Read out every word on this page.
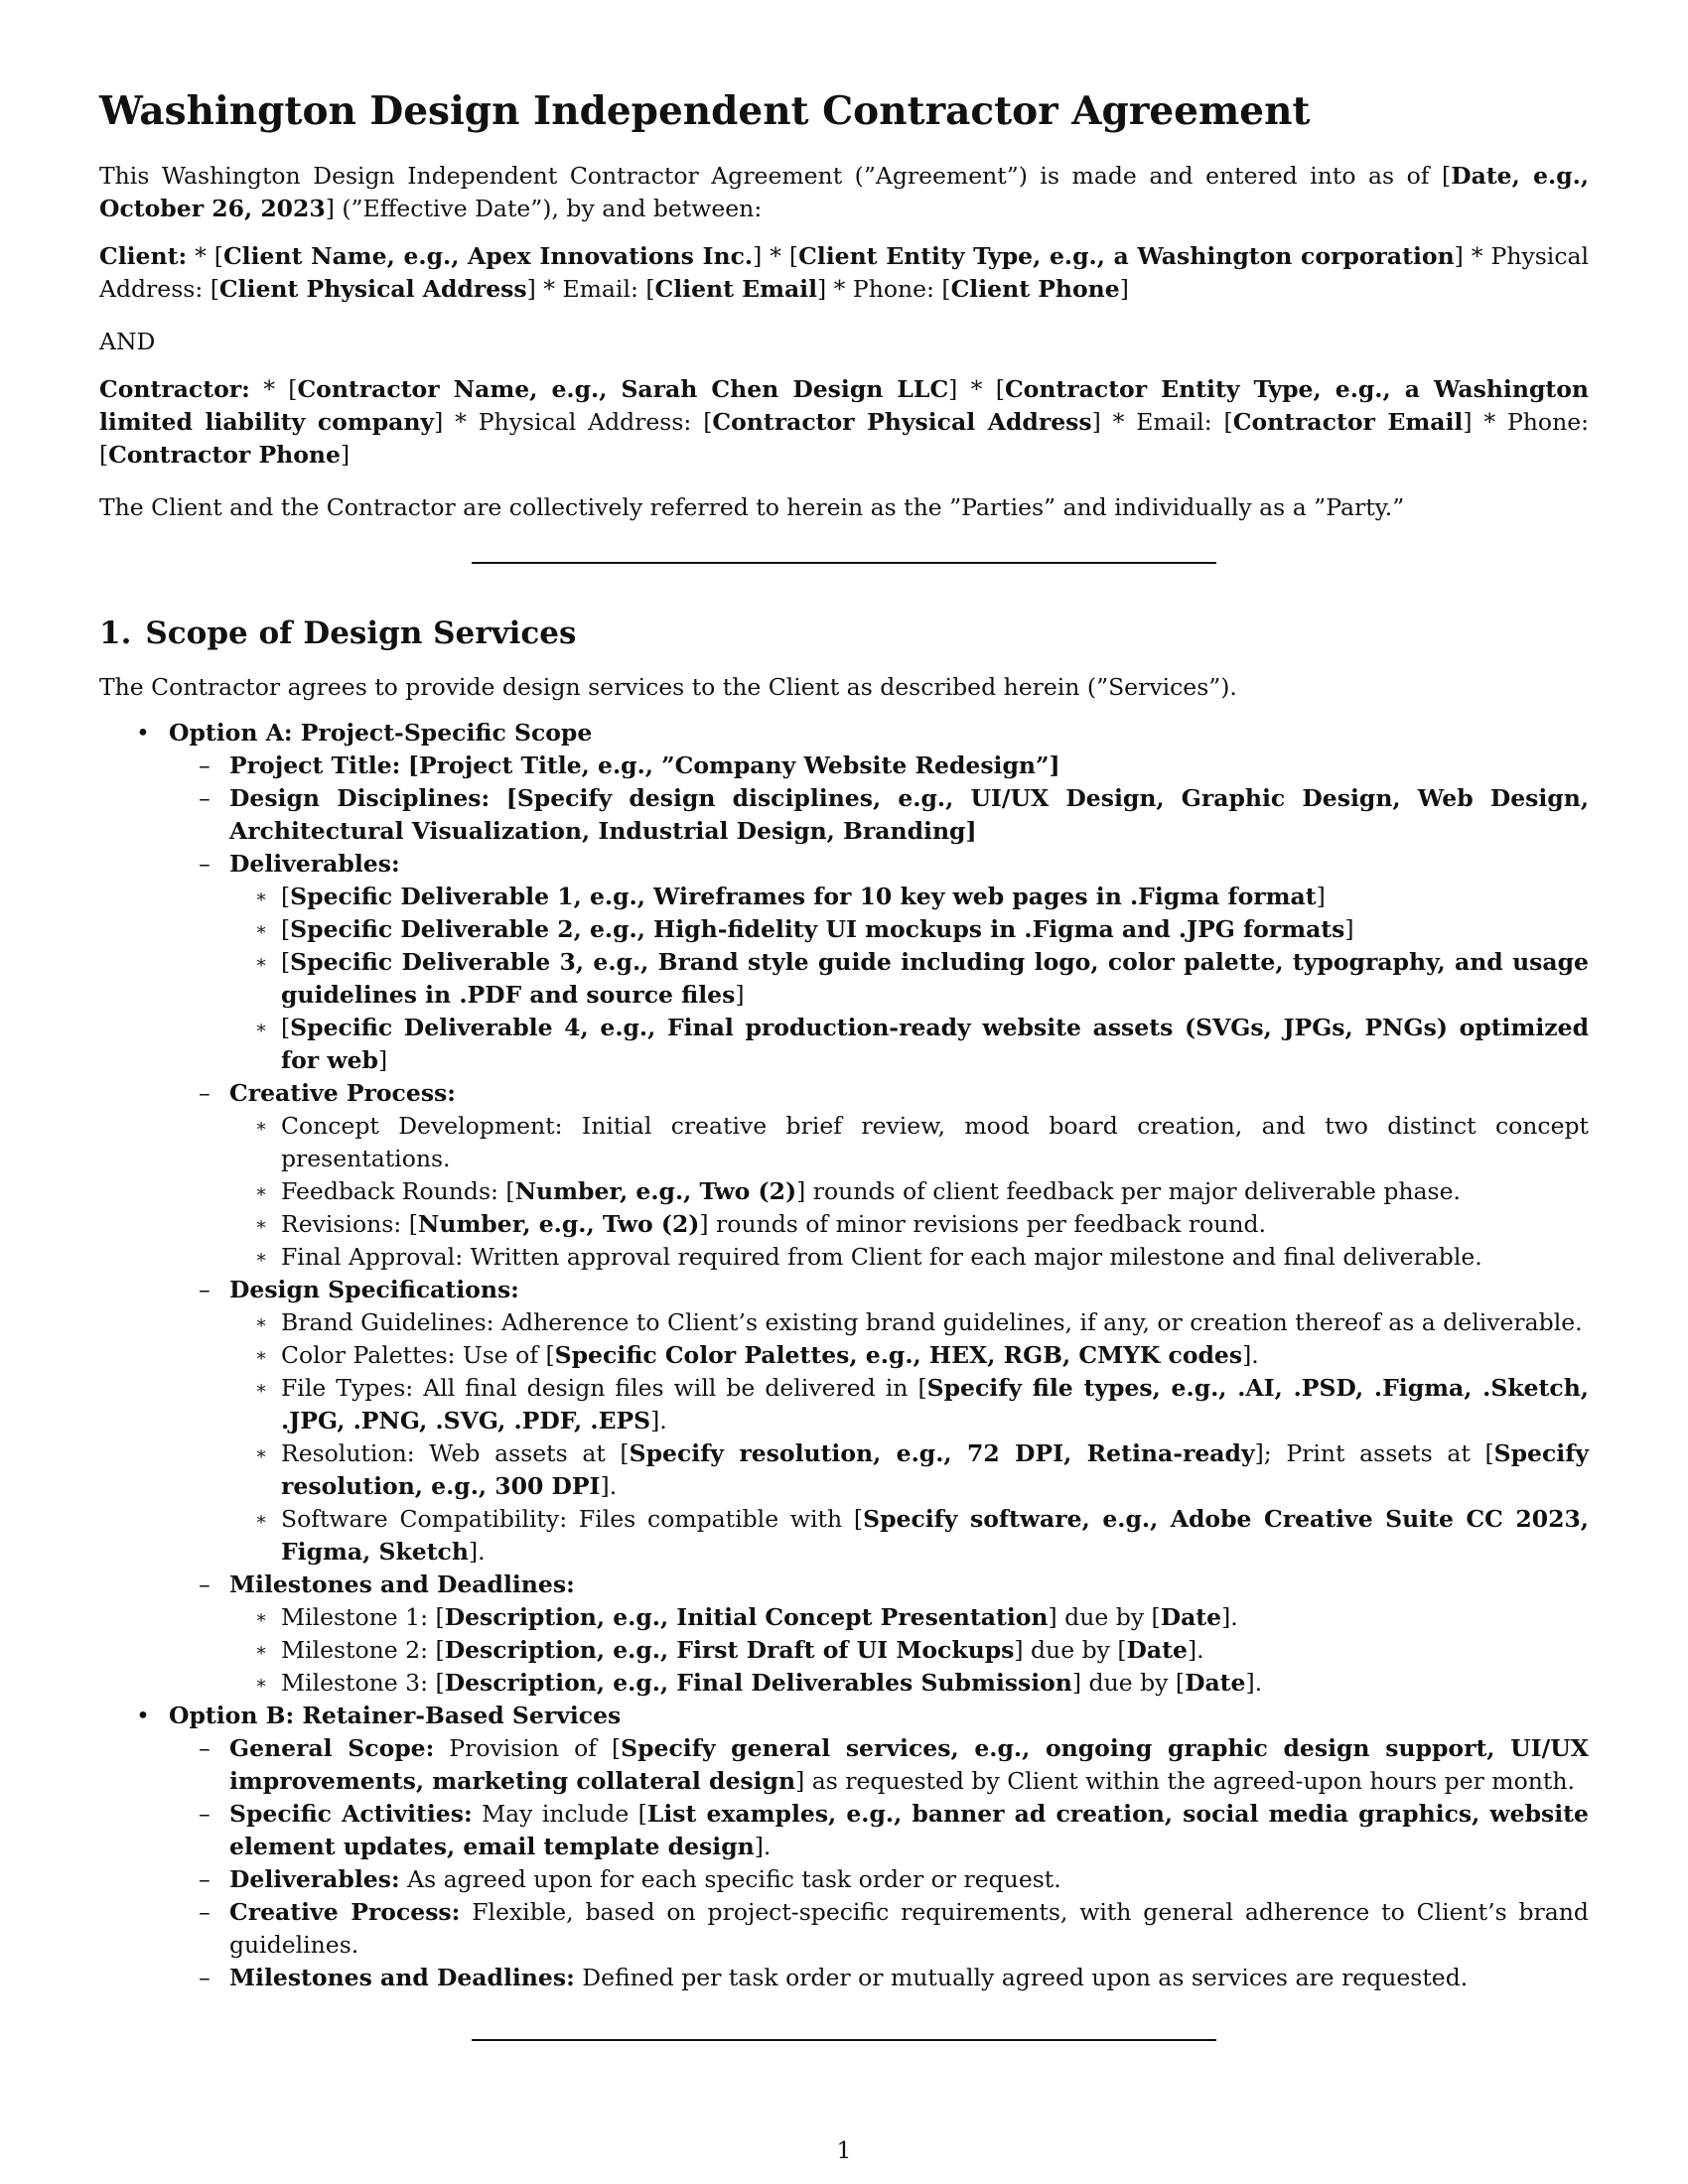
Washington Design Independent Contractor Agreement

This Washington Design Independent Contractor Agreement (”Agreement”) is made and entered into as of [Date, e.g., October 26, 2023] (”Effective Date”), by and between:

Client: * [Client Name, e.g., Apex Innovations Inc.] * [Client Entity Type, e.g., a Washington corporation] * Physical Address: [Client Physical Address] * Email: [Client Email] * Phone: [Client Phone]

AND

Contractor: * [Contractor Name, e.g., Sarah Chen Design LLC] * [Contractor Entity Type, e.g., a Washington limited liability company] * Physical Address: [Contractor Physical Address] * Email: [Contractor Email] * Phone: [Contractor Phone]

The Client and the Contractor are collectively referred to herein as the ”Parties” and individually as a ”Party.”

1. Scope of Design Services

The Contractor agrees to provide design services to the Client as described herein (”Services”).

• Option A: Project-Specific Scope
– Project Title: [Project Title, e.g., ”Company Website Redesign”]
– Design Disciplines: [Specify design disciplines, e.g., UI/UX Design, Graphic Design, Web Design, Architectural Visualization, Industrial Design, Branding]
– Deliverables:
∗ [Specific Deliverable 1, e.g., Wireframes for 10 key web pages in .Figma format]
∗ [Specific Deliverable 2, e.g., High-fidelity UI mockups in .Figma and .JPG formats]
∗ [Specific Deliverable 3, e.g., Brand style guide including logo, color palette, typography, and usage guidelines in .PDF and source files]
∗ [Specific Deliverable 4, e.g., Final production-ready website assets (SVGs, JPGs, PNGs) optimized for web]
– Creative Process:
∗ Concept Development: Initial creative brief review, mood board creation, and two distinct concept presentations.
∗ Feedback Rounds: [Number, e.g., Two (2)] rounds of client feedback per major deliverable phase.
∗ Revisions: [Number, e.g., Two (2)] rounds of minor revisions per feedback round.
∗ Final Approval: Written approval required from Client for each major milestone and final deliverable.
– Design Specifications:
∗ Brand Guidelines: Adherence to Client’s existing brand guidelines, if any, or creation thereof as a deliverable.
∗ Color Palettes: Use of [Specific Color Palettes, e.g., HEX, RGB, CMYK codes].
∗ File Types: All final design files will be delivered in [Specify file types, e.g., .AI, .PSD, .Figma, .Sketch, .JPG, .PNG, .SVG, .PDF, .EPS].
∗ Resolution: Web assets at [Specify resolution, e.g., 72 DPI, Retina-ready]; Print assets at [Specify resolution, e.g., 300 DPI].
∗ Software Compatibility: Files compatible with [Specify software, e.g., Adobe Creative Suite CC 2023, Figma, Sketch].
– Milestones and Deadlines:
∗ Milestone 1: [Description, e.g., Initial Concept Presentation] due by [Date].
∗ Milestone 2: [Description, e.g., First Draft of UI Mockups] due by [Date].
∗ Milestone 3: [Description, e.g., Final Deliverables Submission] due by [Date].
• Option B: Retainer-Based Services
– General Scope: Provision of [Specify general services, e.g., ongoing graphic design support, UI/UX improvements, marketing collateral design] as requested by Client within the agreed-upon hours per month.
– Specific Activities: May include [List examples, e.g., banner ad creation, social media graphics, website element updates, email template design].
– Deliverables: As agreed upon for each specific task order or request.
– Creative Process: Flexible, based on project-specific requirements, with general adherence to Client’s brand guidelines.
– Milestones and Deadlines: Defined per task order or mutually agreed upon as services are requested.
1
